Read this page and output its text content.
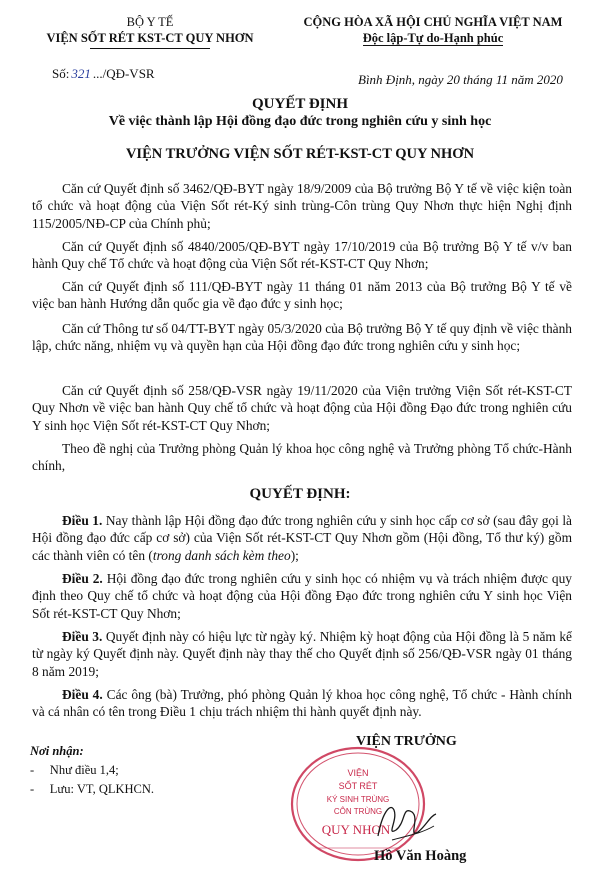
BỘ Y TẾ
VIỆN SỐT RÉT KST-CT QUY NHƠN
CỘNG HÒA XÃ HỘI CHỦ NGHĨA VIỆT NAM
Độc lập-Tự do-Hạnh phúc
Số: 321 .../QĐ-VSR	Bình Định, ngày 20 tháng 11 năm 2020
QUYẾT ĐỊNH
Về việc thành lập Hội đồng đạo đức trong nghiên cứu y sinh học
VIỆN TRƯỞNG VIỆN SỐT RÉT-KST-CT QUY NHƠN
Căn cứ Quyết định số 3462/QĐ-BYT ngày 18/9/2009 của Bộ trưởng Bộ Y tế về việc kiện toàn tổ chức và hoạt động của Viện Sốt rét-Ký sinh trùng-Côn trùng Quy Nhơn thực hiện Nghị định 115/2005/NĐ-CP của Chính phủ;
Căn cứ Quyết định số 4840/2005/QĐ-BYT ngày 17/10/2019 của Bộ trưởng Bộ Y tế v/v ban hành Quy chế Tổ chức và hoạt động của Viện Sốt rét-KST-CT Quy Nhơn;
Căn cứ Quyết định số 111/QĐ-BYT ngày 11 tháng 01 năm 2013 của Bộ trưởng Bộ Y tế về việc ban hành Hướng dẫn quốc gia về đạo đức y sinh học;
Căn cứ Thông tư số 04/TT-BYT ngày 05/3/2020 của Bộ trưởng Bộ Y tế quy định về việc thành lập, chức năng, nhiệm vụ và quyền hạn của Hội đồng đạo đức trong nghiên cứu y sinh học;
Căn cứ Quyết định số 258/QĐ-VSR ngày 19/11/2020 của Viện trưởng Viện Sốt rét-KST-CT Quy Nhơn về việc ban hành Quy chế tổ chức và hoạt động của Hội đồng Đạo đức trong nghiên cứu Y sinh học Viện Sốt rét-KST-CT Quy Nhơn;
Theo đề nghị của Trưởng phòng Quản lý khoa học công nghệ và Trưởng phòng Tổ chức-Hành chính,
QUYẾT ĐỊNH:
Điều 1. Nay thành lập Hội đồng đạo đức trong nghiên cứu y sinh học cấp cơ sở (sau đây gọi là Hội đồng đạo đức cấp cơ sở) của Viện Sốt rét-KST-CT Quy Nhơn gồm (Hội đồng, Tổ thư ký) gồm các thành viên có tên (trong danh sách kèm theo);
Điều 2. Hội đồng đạo đức trong nghiên cứu y sinh học có nhiệm vụ và trách nhiệm được quy định theo Quy chế tổ chức và hoạt động của Hội đồng Đạo đức trong nghiên cứu Y sinh học Viện Sốt rét-KST-CT Quy Nhơn;
Điều 3. Quyết định này có hiệu lực từ ngày ký. Nhiệm kỳ hoạt động của Hội đồng là 5 năm kể từ ngày ký Quyết định này. Quyết định này thay thế cho Quyết định số 256/QĐ-VSR ngày 01 tháng 8 năm 2019;
Điều 4. Các ông (bà) Trưởng, phó phòng Quản lý khoa học công nghệ, Tổ chức - Hành chính và cá nhân có tên trong Điều 1 chịu trách nhiệm thi hành quyết định này.
Nơi nhận:
-     Như điều 1,4;
-     Lưu: VT, QLKHCN.
VIỆN TRƯỞNG
VIỆN
SỐT RÉT
KÝ SINH TRÙNG
CÔN TRÙNG
QUY NHƠN
Hồ Văn Hoàng
